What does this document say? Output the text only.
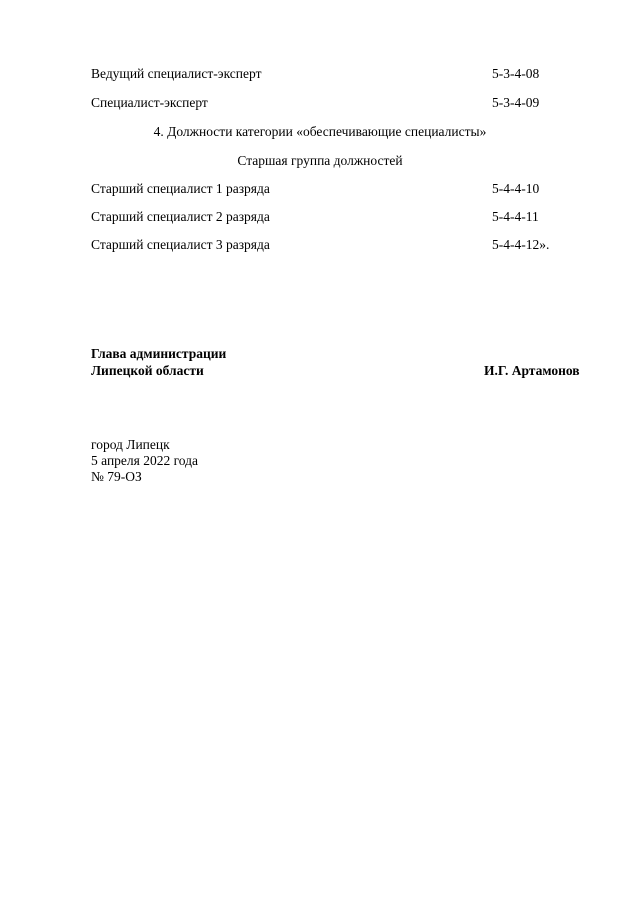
Ведущий специалист-эксперт	5-3-4-08
Специалист-эксперт	5-3-4-09
4. Должности категории «обеспечивающие специалисты»
Старшая группа должностей
Старший специалист 1 разряда	5-4-4-10
Старший специалист 2 разряда	5-4-4-11
Старший специалист 3 разряда	5-4-4-12».
Глава администрации
Липецкой области	И.Г. Артамонов
город Липецк
5 апреля 2022 года
№ 79-ОЗ
